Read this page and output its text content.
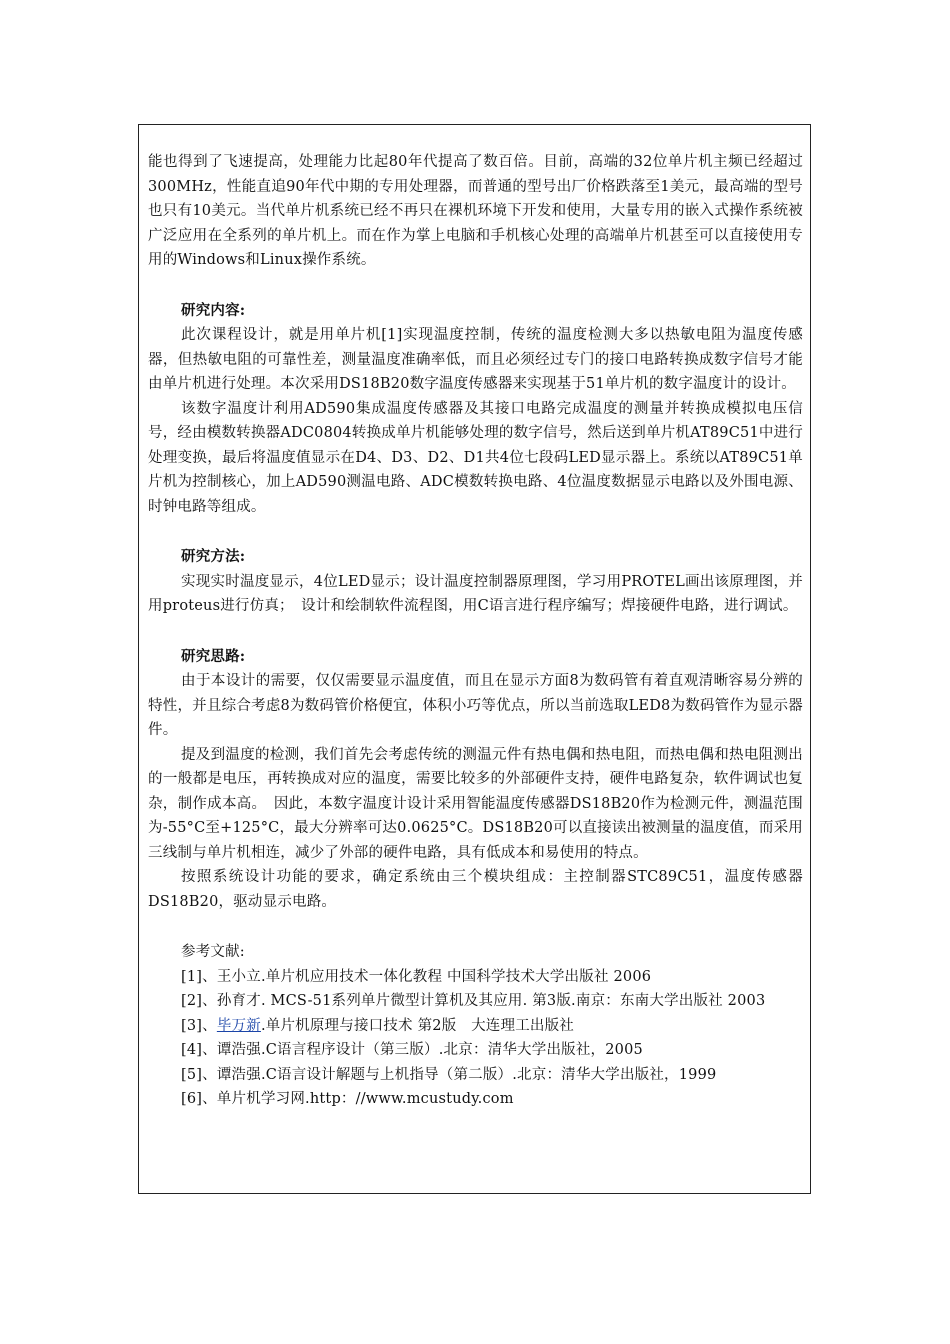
能也得到了飞速提高，处理能力比起80年代提高了数百倍。目前，高端的32位单片机主频已经超过300MHz，性能直追90年代中期的专用处理器，而普通的型号出厂价格跌落至1美元，最高端的型号也只有10美元。当代单片机系统已经不再只在裸机环境下开发和使用，大量专用的嵌入式操作系统被广泛应用在全系列的单片机上。而在作为掌上电脑和手机核心处理的高端单片机甚至可以直接使用专用的Windows和Linux操作系统。

研究内容:

此次课程设计，就是用单片机[1]实现温度控制，传统的温度检测大多以热敏电阻为温度传感器，但热敏电阻的可靠性差，测量温度准确率低，而且必须经过专门的接口电路转换成数字信号才能由单片机进行处理。本次采用DS18B20数字温度传感器来实现基于51单片机的数字温度计的设计。

该数字温度计利用AD590集成温度传感器及其接口电路完成温度的测量并转换成模拟电压信号，经由模数转换器ADC0804转换成单片机能够处理的数字信号，然后送到单片机AT89C51中进行处理变换，最后将温度值显示在D4、D3、D2、D1共4位七段码LED显示器上。系统以AT89C51单片机为控制核心，加上AD590测温电路、ADC模数转换电路、4位温度数据显示电路以及外围电源、时钟电路等组成。

研究方法:

实现实时温度显示，4位LED显示；设计温度控制器原理图，学习用PROTEL画出该原理图，并用proteus进行仿真；　设计和绘制软件流程图，用C语言进行程序编写；焊接硬件电路，进行调试。

研究思路:

由于本设计的需要，仅仅需要显示温度值，而且在显示方面8为数码管有着直观清晰容易分辨的特性，并且综合考虑8为数码管价格便宜，体积小巧等优点，所以当前选取LED8为数码管作为显示器件。

提及到温度的检测，我们首先会考虑传统的测温元件有热电偶和热电阻，而热电偶和热电阻测出的一般都是电压，再转换成对应的温度，需要比较多的外部硬件支持，硬件电路复杂，软件调试也复杂，制作成本高。　因此，本数字温度计设计采用智能温度传感器DS18B20作为检测元件，测温范围为-55°C至+125°C，最大分辨率可达0.0625°C。DS18B20可以直接读出被测量的温度值，而采用三线制与单片机相连，减少了外部的硬件电路，具有低成本和易使用的特点。

按照系统设计功能的要求，确定系统由三个模块组成：主控制器STC89C51，温度传感器DS18B20，驱动显示电路。

参考文献:

[1]、王小立.单片机应用技术一体化教程 中国科学技术大学出版社 2006

[2]、孙育才. MCS-51系列单片微型计算机及其应用. 第3版.南京：东南大学出版社 2003

[3]、毕万新.单片机原理与接口技术 第2版　大连理工出版社

[4]、谭浩强.C语言程序设计（第三版）.北京：清华大学出版社，2005

[5]、谭浩强.C语言设计解题与上机指导（第二版）.北京：清华大学出版社，1999

[6]、单片机学习网.http：//www.mcustudy.com
